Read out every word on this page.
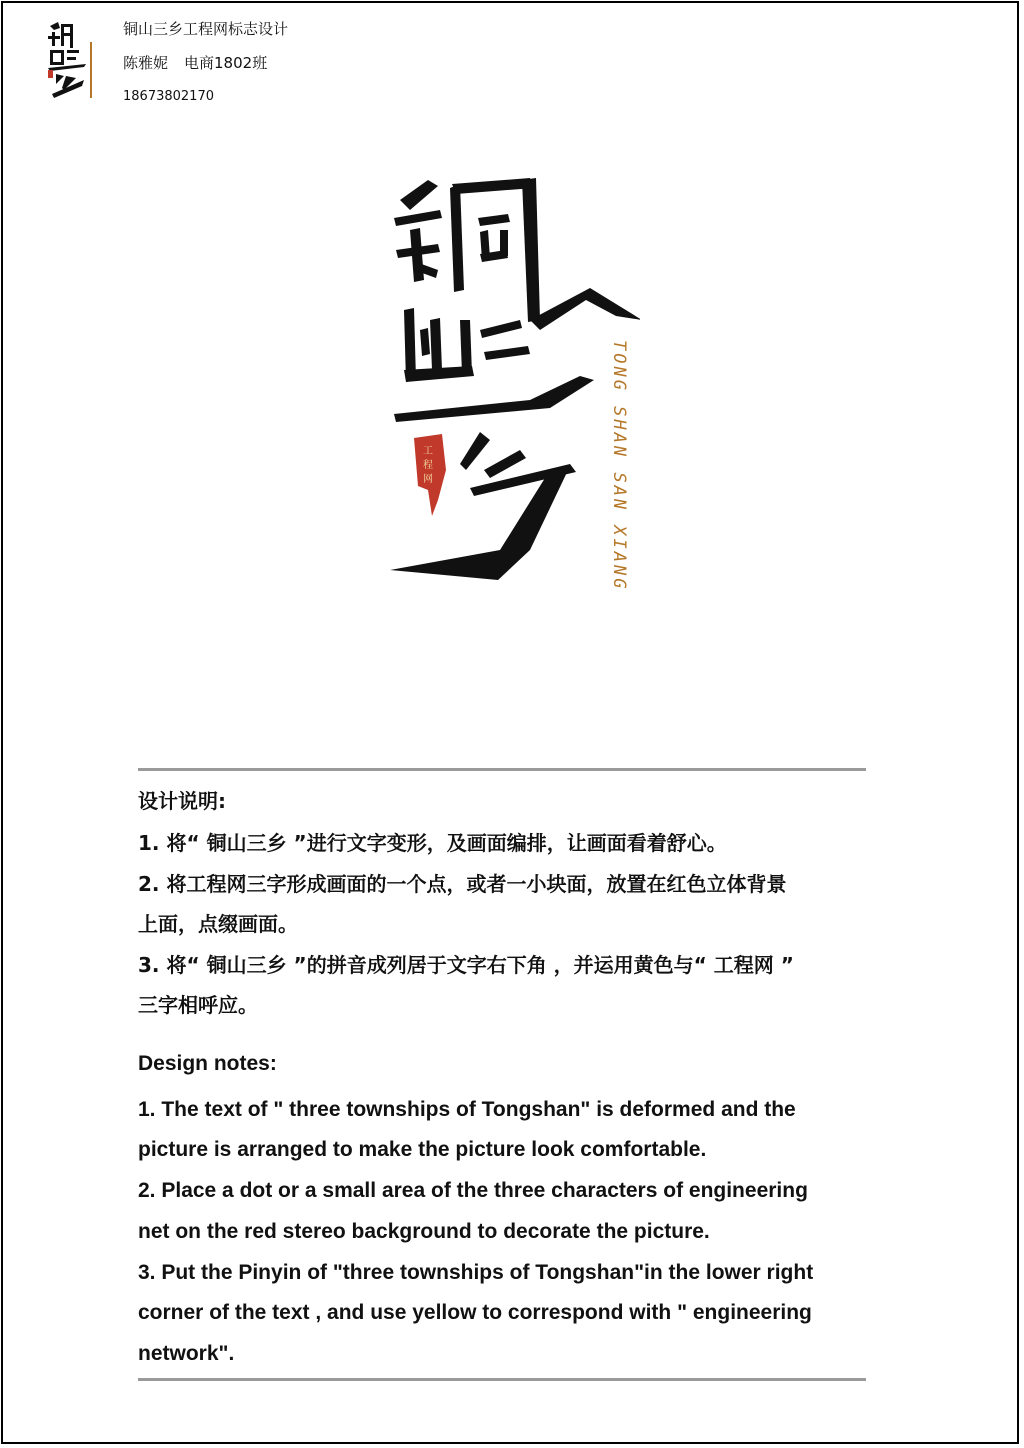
铜山三乡工程网标志设计
陈雅妮 电商1802班
18673802170
工
程
网	TONG SHAN SAN XIANG

设计说明:

1. 将“ 铜山三乡 ”进行文字变形，及画面编排，让画面看着舒心。

2. 将工程网三字形成画面的一个点，或者一小块面，放置在红色立体背景

上面，点缀画面。

3. 将“ 铜山三乡 ”的拼音成列居于文字右下角 ，并运用黄色与“ 工程网 ”

三字相呼应。

Design notes:

1. The text of " three townships of Tongshan" is deformed and the

picture is arranged to make the picture look comfortable.

2. Place a dot or a small area of the three characters of engineering

net on the red stereo background to decorate the picture.

3. Put the Pinyin of "three townships of Tongshan"in the lower right

corner of the text , and use yellow to correspond with " engineering

network".
